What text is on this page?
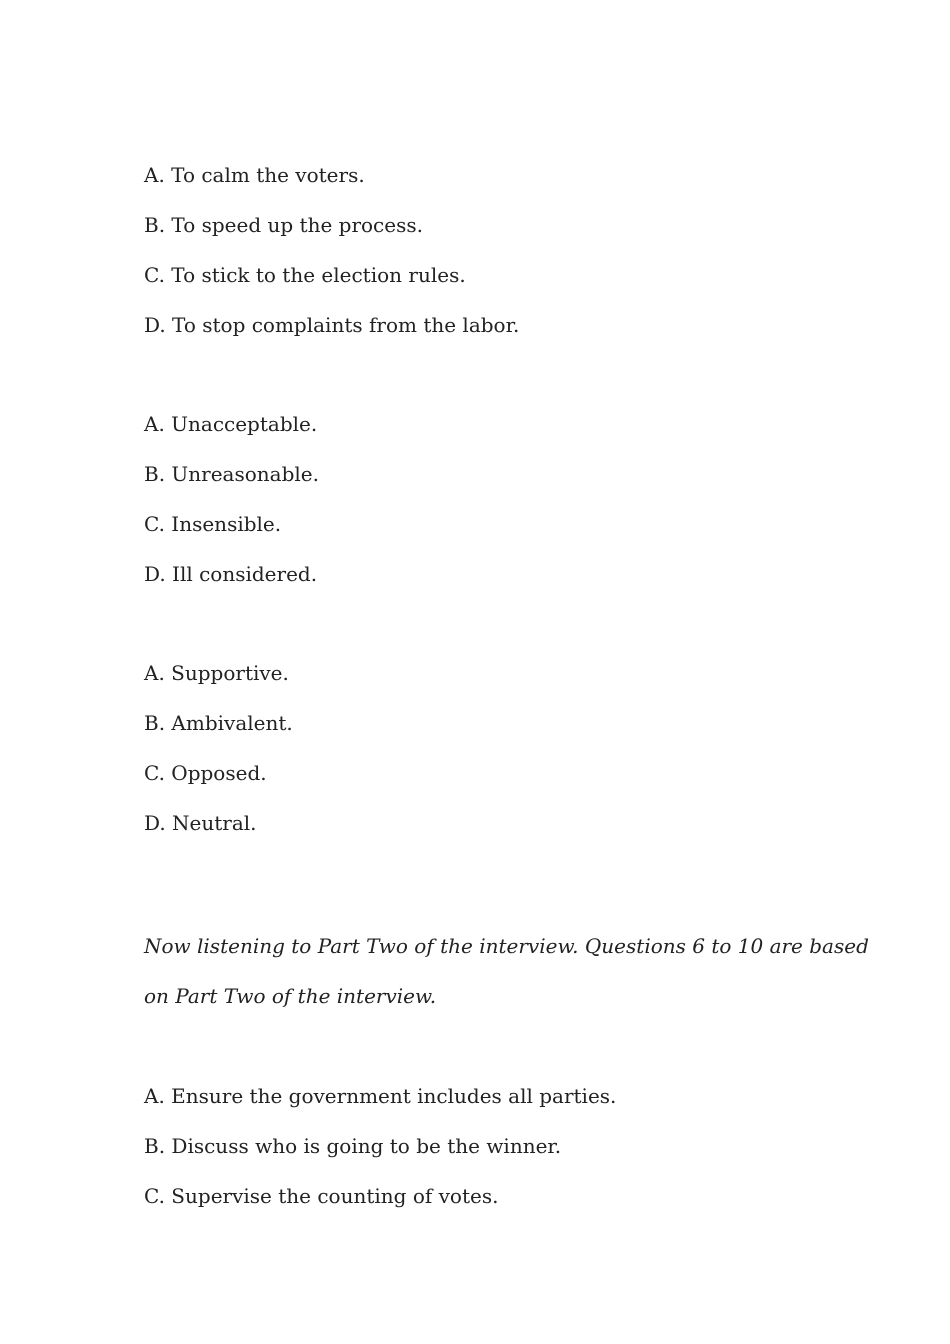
A. To calm the voters.

B. To speed up the process.

C. To stick to the election rules.

D. To stop complaints from the labor.

A. Unacceptable.

B. Unreasonable.

C. Insensible.

D. Ill considered.

A. Supportive.

B. Ambivalent.

C. Opposed.

D. Neutral.

Now listening to Part Two of the interview. Questions 6 to 10 are based

on Part Two of the interview.

A. Ensure the government includes all parties.

B. Discuss who is going to be the winner.

C. Supervise the counting of votes.
